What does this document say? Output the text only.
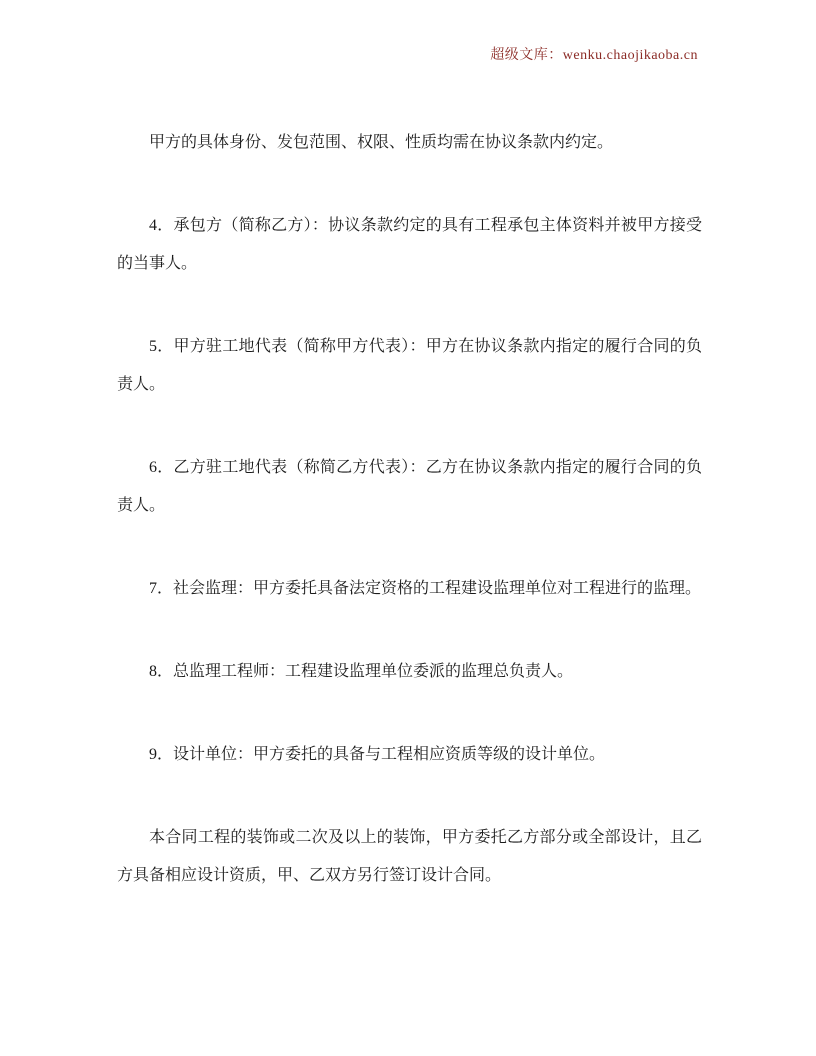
超级文库：wenku.chaojikaoba.cn

甲方的具体身份、发包范围、权限、性质均需在协议条款内约定。

4．承包方（简称乙方）：协议条款约定的具有工程承包主体资料并被甲方接受的当事人。

5．甲方驻工地代表（简称甲方代表）：甲方在协议条款内指定的履行合同的负责人。

6．乙方驻工地代表（称简乙方代表）：乙方在协议条款内指定的履行合同的负责人。

7．社会监理：甲方委托具备法定资格的工程建设监理单位对工程进行的监理。

8．总监理工程师：工程建设监理单位委派的监理总负责人。

9．设计单位：甲方委托的具备与工程相应资质等级的设计单位。

本合同工程的装饰或二次及以上的装饰，甲方委托乙方部分或全部设计，且乙方具备相应设计资质，甲、乙双方另行签订设计合同。
